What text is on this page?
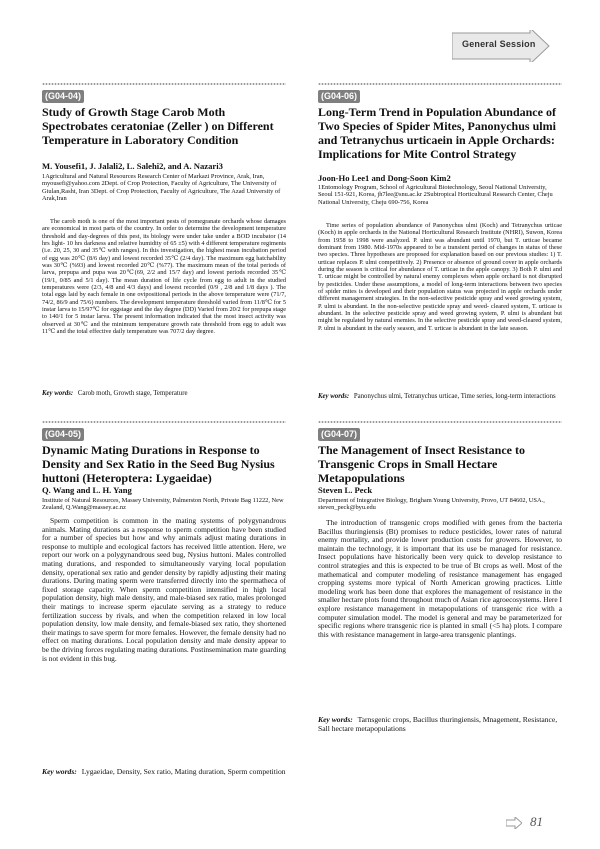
General Session
(G04-04)
Study of Growth Stage Carob Moth Spectrobates ceratoniae (Zeller ) on Different Temperature in Laboratory Condition
M. Yousefi1, J. Jalali2, L. Salehi2, and A. Nazari3
1Agricultural and Natural Resources Research Center of Markazi Province, Arak, Iran, myousefi@yahoo.com 2Dept. of Crop Protection, Faculty of Agriculture, The University of Giulan,Rasht, Iran 3Dept. of Crop Protection, Faculty of Agriculture, The Azad University of Arak,Iran
The carob moth is one of the most important pests of pomegranate orchards whose damages are economical in most parts of the country. In order to determine the development temperature threshold and day-degrees of this pest, its biology were under take under a BOD incubator (14 hrs light- 10 hrs darkness and relative humidity of 65 ±5) with 4 different temperature regiments (i.e. 20, 25, 30 and 35℃ with ranges). In this investigation, the highest mean incubation period of egg was 20℃ (8/6 day) and lowest recorded 35℃ (2/4 day). The maximum egg hatchability was 30℃ (%93) and lowest recorded 20℃ (%77). The maximum mean of the total periods of larva, prepupa and pupa was 20℃(69, 2/2 and 15/7 day) and lowest periods recorded 35℃ (19/1, 0/85 and 5/1 day). The mean duration of life cycle from egg to adult in the studied temperatures were (2/3, 4/8 and 4/3 days) and lowest recorded (0/9 , 2/8 and 1/8 days ). The total eggs laid by each female in one ovipositional periods in the above temperature were (71/7, 74/2, 86/9 and 75/6) numbers. The development temperature threshold varied from 11/8℃ for 5 instar larva to 15/97℃ for eggstage and the day degree (DD) Varied from 20/2 for prepupa stage to 140/1 for 5 instar larva. The present information indicated that the most insect activity was observed at 30℃ and the minimum temperature growth rate threshold from egg to adult was 11℃ and the total effective daily temperature was 707/2 day degree.
Key words: Carob moth, Growth stage, Temperature
(G04-06)
Long-Term Trend in Population Abundance of Two Species of Spider Mites, Panonychus ulmi and Tetranychus urticaein in Apple Orchards: Implications for Mite Control Strategy
Joon-Ho Lee1 and Dong-Soon Kim2
1Entomology Program, School of Agricultural Biotechnology, Seoul National University, Seoul 151-921, Korea, jh7lee@snu.ac.kr 2Subtropical Horticultural Research Center, Cheju National University, Cheju 690-756, Korea
Time series of population abundance of Panonychus ulmi (Koch) and Tetranychus urticae (Koch) in apple orchards in the National Horticultural Research Institute (NHRI), Suwon, Korea from 1958 to 1998 were analyzed. P. ulmi was abundant until 1970, but T. urticae became dominant from 1980. Mid-1970s appeared to be a transient period of changes in status of these two species. Three hypotheses are proposed for explanation based on our previous studies: 1) T. urticae replaces P. ulmi competitively. 2) Presence or absence of ground cover in apple orchards during the season is critical for abundance of T. urticae in the apple canopy. 3) Both P. ulmi and T. urticae might be controlled by natural enemy complexes when apple orchard is not disrupted by pesticides. Under these assumptions, a model of long-term interactions between two species of spider mites is developed and their population status was projected in apple orchards under different management strategies. In the non-selective pesticide spray and weed growing system, P. ulmi is abundant. In the non-selective pesticide spray and weed- cleared system, T. urticae is abundant. In the selective pesticide spray and weed growing system, P. ulmi is abundant but might be regulated by natural enemies. In the selective pesticide spray and weed-cleared system, P. ulmi is abundant in the early season, and T. urticae is abundant in the late season.
Key words: Panonychus ulmi, Tetranychus urticae, Time series, long-term interactions
(G04-05)
Dynamic Mating Durations in Response to Density and Sex Ratio in the Seed Bug Nysius huttoni (Heteroptera: Lygaeidae)
Q. Wang and L. H. Yang
Institute of Natural Resources, Massey University, Palmerston North, Private Bag 11222, New Zealand, Q.Wang@massey.ac.nz
Sperm competition is common in the mating systems of polygynandrous animals. Mating durations as a response to sperm competition have been studied for a number of species but how and why animals adjust mating durations in response to multiple and ecological factors has received little attention. Here, we report our work on a polygynandrous seed bug, Nysius huttoni. Males controlled mating durations, and responded to simultaneously varying local population density, operational sex ratio and gender density by rapidly adjusting their mating durations. During mating sperm were transferred directly into the spermatheca of fixed storage capacity. When sperm competition intensified in high local population density, high male density, and male-biased sex ratio, males prolonged their matings to increase sperm ejaculate serving as a strategy to reduce fertilization success by rivals, and when the competition relaxed in low local population density, low male density, and female-biased sex ratio, they shortened their matings to save sperm for more females. However, the female density had no effect on mating durations. Local population density and male density appear to be the driving forces regulating mating durations. Postinsemination mate guarding is not evident in this bug.
Key words: Lygaeidae, Density, Sex ratio, Mating duration, Sperm competition
(G04-07)
The Management of Insect Resistance to Transgenic Crops in Small Hectare Metapopulations
Steven L. Peck
Department of Integrative Biology, Brigham Young University, Provo, UT 84602, USA., steven_peck@byu.edu
The introduction of transgenic crops modified with genes from the bacteria Bacillus thuringiensis (Bt) promises to reduce pesticides, lower rates of natural enemy mortality, and provide lower production costs for growers. However, to maintain the technology, it is important that its use be managed for resistance. Insect populations have historically been very quick to develop resistance to control strategies and this is expected to be true of Bt crops as well. Most of the mathematical and computer modeling of resistance management has engaged cropping systems more typical of North American growing practices. Little modeling work has been done that explores the management of resistance in the smaller hectare plots found throughout much of Asian rice agroecosystems. Here I explore resistance management in metapopulations of transgenic rice with a computer simulation model. The model is general and may be parameterized for specific regions where transgenic rice is planted in small (<5 ha) plots. I compare this with resistance management in large-area transgenic plantings.
Key words: Tarnsgenic crops, Bacillus thuringiensis, Mnagement, Resistance, Sall hectare metapopulations
81
